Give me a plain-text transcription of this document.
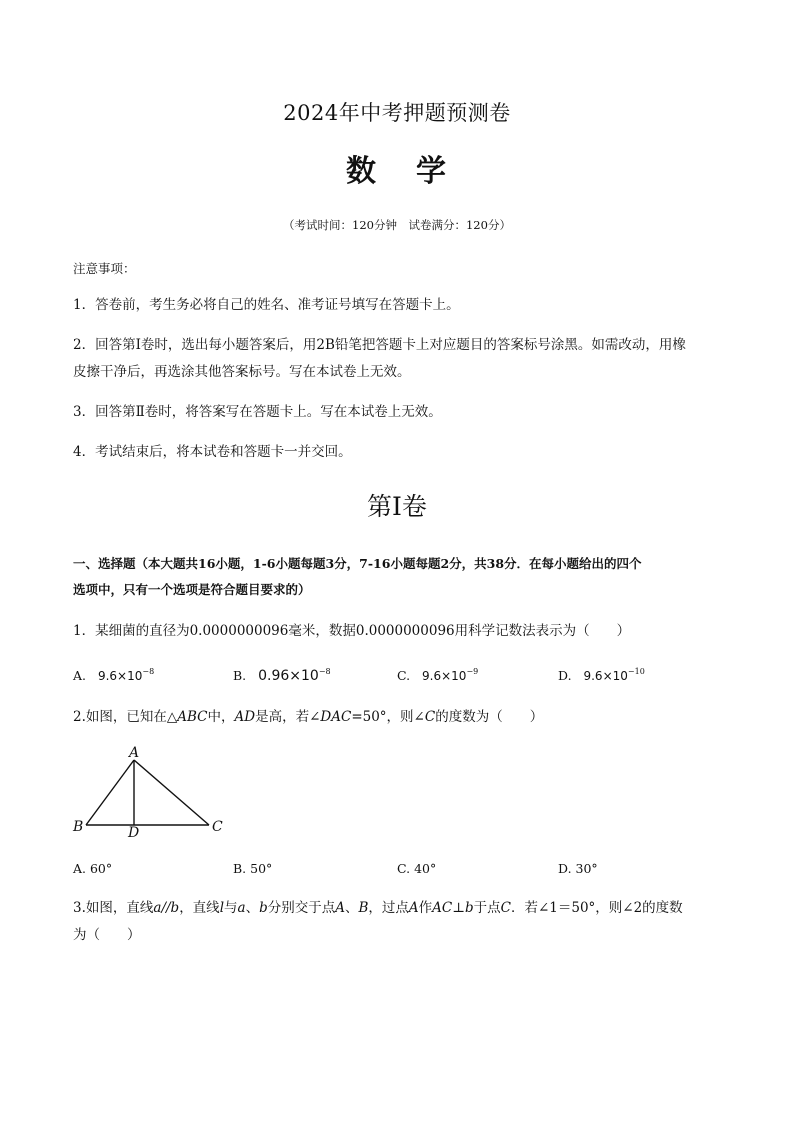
2024年中考押题预测卷
数 学
（考试时间：120分钟　试卷满分：120分）
注意事项：
1．答卷前，考生务必将自己的姓名、准考证号填写在答题卡上。
2．回答第Ⅰ卷时，选出每小题答案后，用2B铅笔把答题卡上对应题目的答案标号涂黑。如需改动，用橡
皮擦干净后，再选涂其他答案标号。写在本试卷上无效。
3．回答第Ⅱ卷时，将答案写在答题卡上。写在本试卷上无效。
4．考试结束后，将本试卷和答题卡一并交回。
第Ⅰ卷
一、选择题（本大题共16小题，1-6小题每题3分，7-16小题每题2分，共38分．在每小题给出的四个
选项中，只有一个选项是符合题目要求的）
1．某细菌的直径为0.0000000096毫米，数据0.0000000096用科学记数法表示为（　　）
A. $9.6\times 10^{-8}$	B. $0.96\times 10^{-8}$	C. $9.6\times 10^{-9}$	D. $9.6\times 10^{-10}$
2.如图，已知在△ABC中，AD是高，若∠DAC=50°，则∠C的度数为（　　）
A
B	C
D
A. 60°	B. 50°	C. 40°	D. 30°
3.如图，直线a//b，直线l与a、b分别交于点A、B，过点A作AC⊥b于点C．若∠1＝50°，则∠2的度数
为（　　）
